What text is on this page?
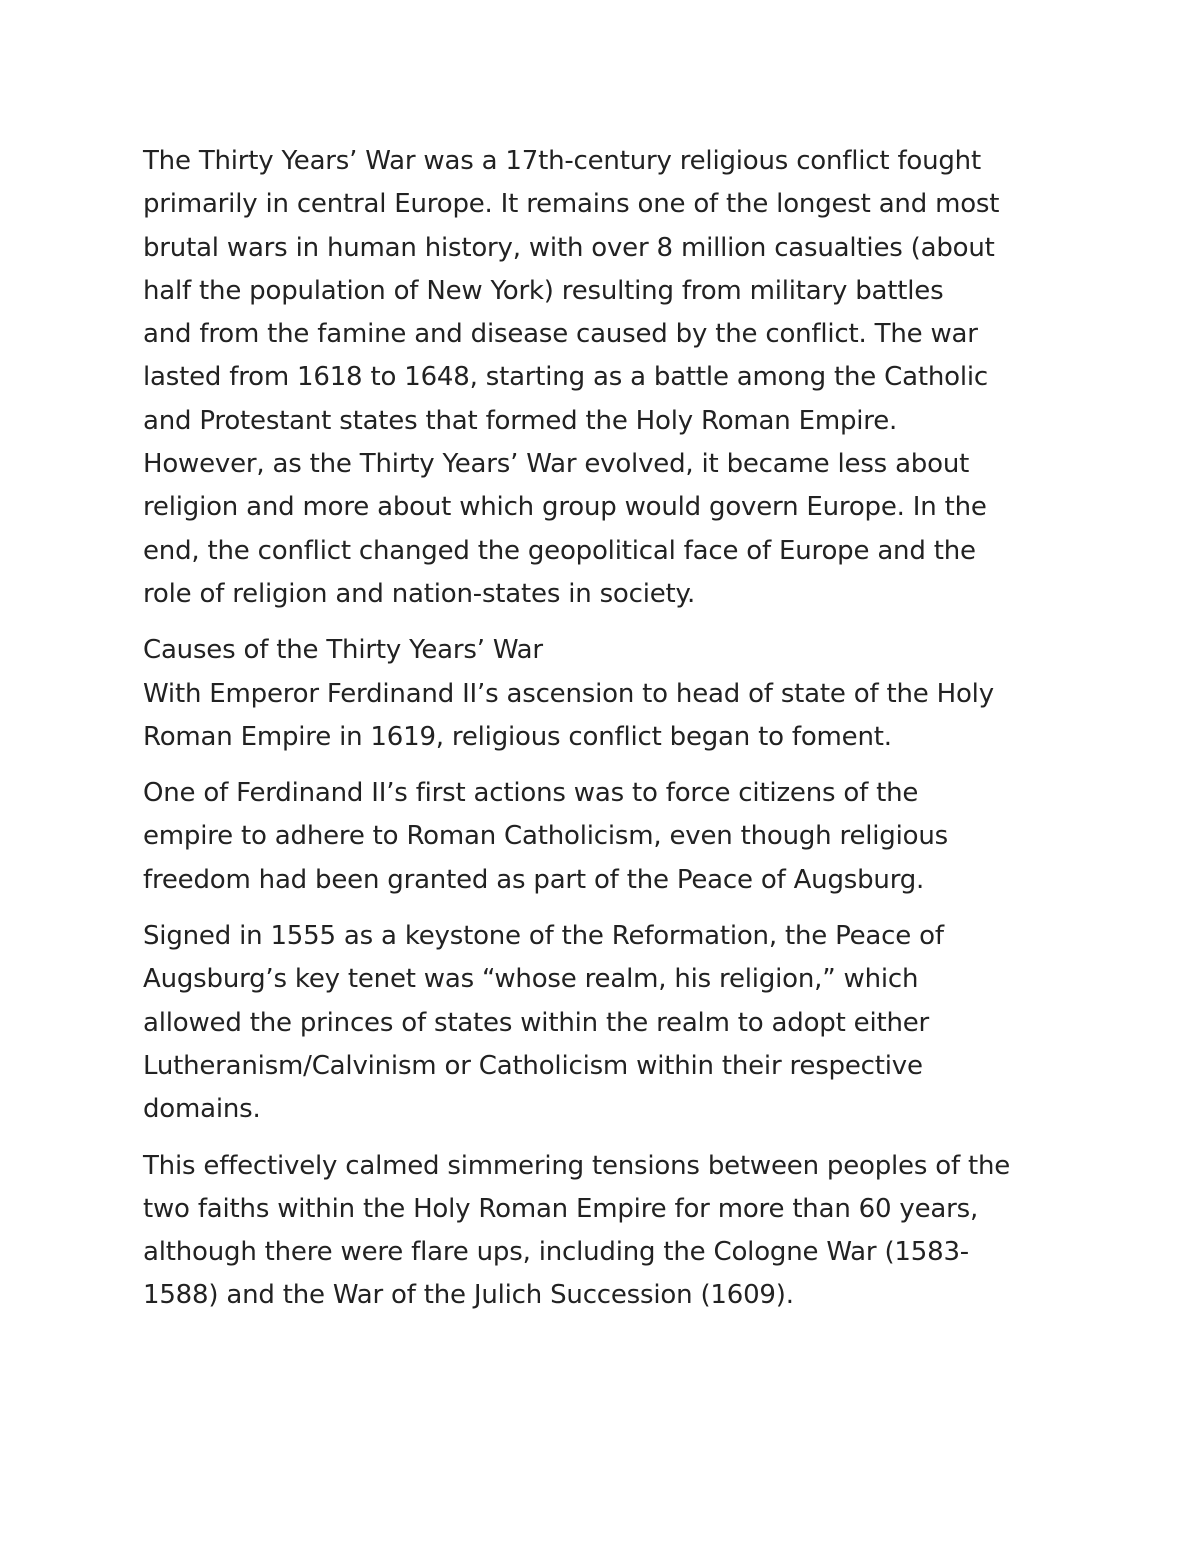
The Thirty Years’ War was a 17th-century religious conflict fought
primarily in central Europe. It remains one of the longest and most
brutal wars in human history, with over 8 million casualties (about
half the population of New York) resulting from military battles
and from the famine and disease caused by the conflict. The war
lasted from 1618 to 1648, starting as a battle among the Catholic
and Protestant states that formed the Holy Roman Empire.
However, as the Thirty Years’ War evolved, it became less about
religion and more about which group would govern Europe. In the
end, the conflict changed the geopolitical face of Europe and the
role of religion and nation-states in society.

Causes of the Thirty Years’ War
With Emperor Ferdinand II’s ascension to head of state of the Holy
Roman Empire in 1619, religious conflict began to foment.

One of Ferdinand II’s first actions was to force citizens of the
empire to adhere to Roman Catholicism, even though religious
freedom had been granted as part of the Peace of Augsburg.

Signed in 1555 as a keystone of the Reformation, the Peace of
Augsburg’s key tenet was “whose realm, his religion,” which
allowed the princes of states within the realm to adopt either
Lutheranism/Calvinism or Catholicism within their respective
domains.

This effectively calmed simmering tensions between peoples of the
two faiths within the Holy Roman Empire for more than 60 years,
although there were flare ups, including the Cologne War (1583-
1588) and the War of the Julich Succession (1609).
